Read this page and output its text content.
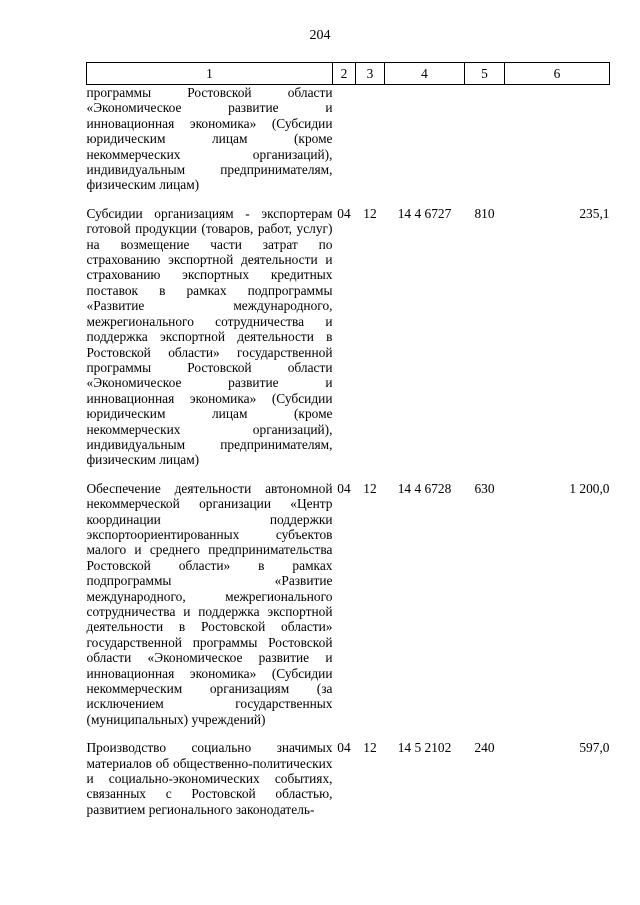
204
1	2	3	4	5	6
программы Ростовской области «Экономическое развитие и инновационная экономика» (Субсидии юридическим лицам (кроме некоммерческих организаций), индивидуальным предпринимателям, физическим лицам)					
Субсидии организациям - экспортерам готовой продукции (товаров, работ, услуг) на возмещение части затрат по страхованию экспортной деятельности и страхованию экспортных кредитных поставок в рамках подпрограммы «Развитие международного, межрегионального сотрудничества и поддержка экспортной деятельности в Ростовской области» государственной программы Ростовской области «Экономическое развитие и инновационная экономика» (Субсидии юридическим лицам (кроме некоммерческих организаций), индивидуальным предпринимателям, физическим лицам)	04	12	14 4 6727	810	235,1
Обеспечение деятельности автономной некоммерческой организации «Центр координации поддержки экспортоориентированных субъектов малого и среднего предпринимательства Ростовской области» в рамках подпрограммы «Развитие международного, межрегионального сотрудничества и поддержка экспортной деятельности в Ростовской области» государственной программы Ростовской области «Экономическое развитие и инновационная экономика» (Субсидии некоммерческим организациям (за исключением государственных (муниципальных) учреждений)	04	12	14 4 6728	630	1 200,0
Производство социально значимых материалов об общественно-политических и социально-экономических событиях, связанных с Ростовской областью, развитием регионального законодатель-	04	12	14 5 2102	240	597,0
